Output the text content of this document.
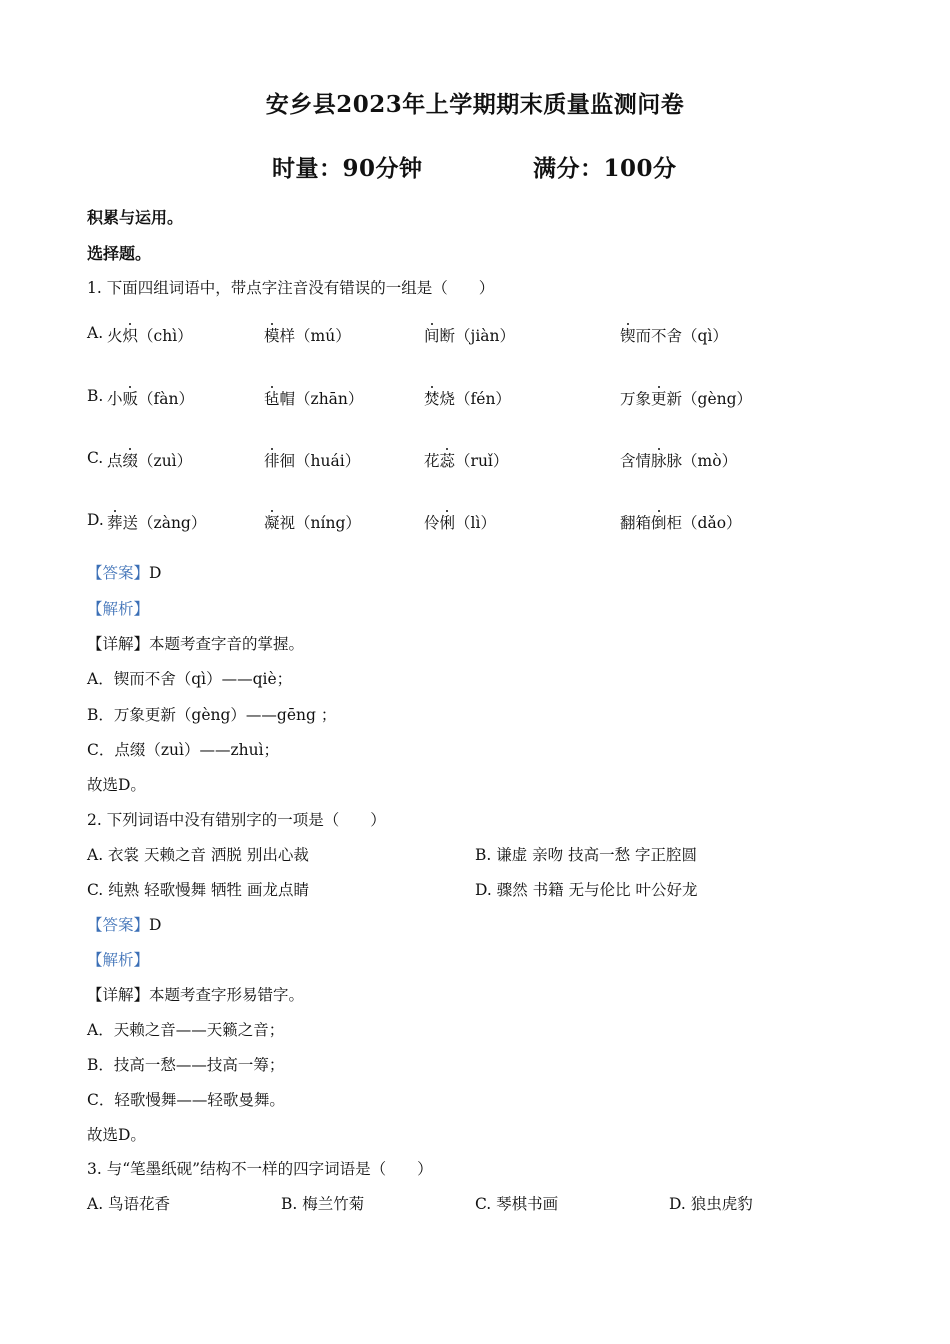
安乡县2023年上学期期末质量监测问卷
时量：90分钟	满分：100分
积累与运用。
选择题。
1. 下面四组词语中，带点字注音没有错误的一组是（　　）
A. 火炽（chì）	模样（mú）	间断（jiàn）	锲而不舍（qì）
B. 小贩（fàn）	毡帽（zhān）	焚烧（fén）	万象更新（gèng）
C. 点缀（zuì）	徘徊（huái）	花蕊（ruǐ）	含情脉脉（mò）
D. 葬送（zàng）	凝视（níng）	伶俐（lì）	翻箱倒柜（dǎo）
【答案】D
【解析】
【详解】本题考查字音的掌握。
A．锲而不舍（qì）——qiè；
B．万象更新（gèng）——gēng ；
C．点缀（zuì）——zhuì；
故选D。
2. 下列词语中没有错别字的一项是（　　）
A. 衣裳 天赖之音 洒脱 别出心裁	B. 谦虚 亲吻 技高一愁 字正腔圆
C. 纯熟 轻歌慢舞 牺牲 画龙点睛	D. 骤然 书籍 无与伦比 叶公好龙
【答案】D
【解析】
【详解】本题考查字形易错字。
A．天赖之音——天籁之音；
B．技高一愁——技高一筹；
C．轻歌慢舞——轻歌曼舞。
故选D。
3. 与“笔墨纸砚”结构不一样的四字词语是（　　）
A. 鸟语花香	B. 梅兰竹菊	C. 琴棋书画	D. 狼虫虎豹
